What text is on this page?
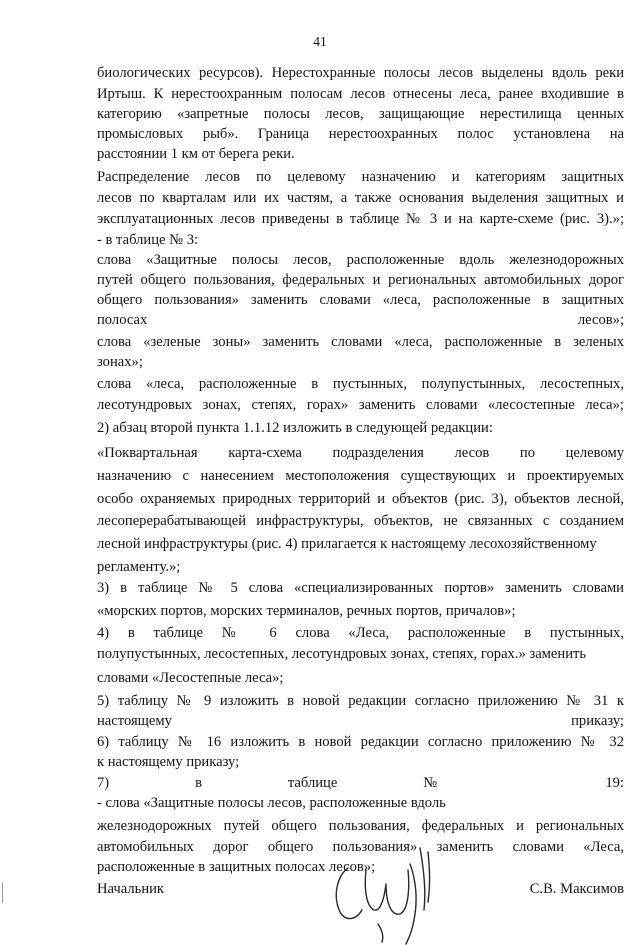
41

биологических ресурсов). Нерестохранные полосы лесов выделены вдоль реки

Иртыш. К нерестоохранным полосам лесов отнесены леса, ранее входившие в

категорию «запретные полосы лесов, защищающие нерестилища ценных

промысловых рыб». Граница нерестоохранных полос установлена на

расстоянии 1 км от берега реки.

Распределение лесов по целевому назначению и категориям защитных

лесов по кварталам или их частям, а также основания выделения защитных и

эксплуатационных лесов приведены в таблице № 3 и на карте-схеме (рис. 3).»;

- в таблице № 3:

слова «Защитные полосы лесов, расположенные вдоль железнодорожных

путей общего пользования, федеральных и региональных автомобильных дорог

общего пользования» заменить словами «леса, расположенные в защитных

полосах лесов»;

слова «зеленые зоны» заменить словами «леса, расположенные в зеленых

зонах»;

слова «леса, расположенные в пустынных, полупустынных, лесостепных,

лесотундровых зонах, степях, горах» заменить словами «лесостепные леса»;

2) абзац второй пункта 1.1.12 изложить в следующей редакции:

«Поквартальная карта-схема подразделения лесов по целевому

назначению с нанесением местоположения существующих и проектируемых

особо охраняемых природных территорий и объектов (рис. 3), объектов лесной,

лесоперерабатывающей инфраструктуры, объектов, не связанных с созданием

лесной инфраструктуры (рис. 4) прилагается к настоящему лесохозяйственному

регламенту.»;

3) в таблице № 5 слова «специализированных портов» заменить словами

«морских портов, морских терминалов, речных портов, причалов»;

4) в таблице № 6 слова «Леса, расположенные в пустынных,

полупустынных, лесостепных, лесотундровых зонах, степях, горах.» заменить

словами «Лесостепные леса»;

5) таблицу № 9 изложить в новой редакции согласно приложению № 31 к

настоящему приказу;

6) таблицу № 16 изложить в новой редакции согласно приложению № 32

к настоящему приказу;

7) в таблице № 19:

- слова «Защитные полосы лесов, расположенные вдоль

железнодорожных путей общего пользования, федеральных и региональных

автомобильных дорог общего пользования» заменить словами «Леса,

расположенные в защитных полосах лесов»;

Начальник	С.В. Максимов
